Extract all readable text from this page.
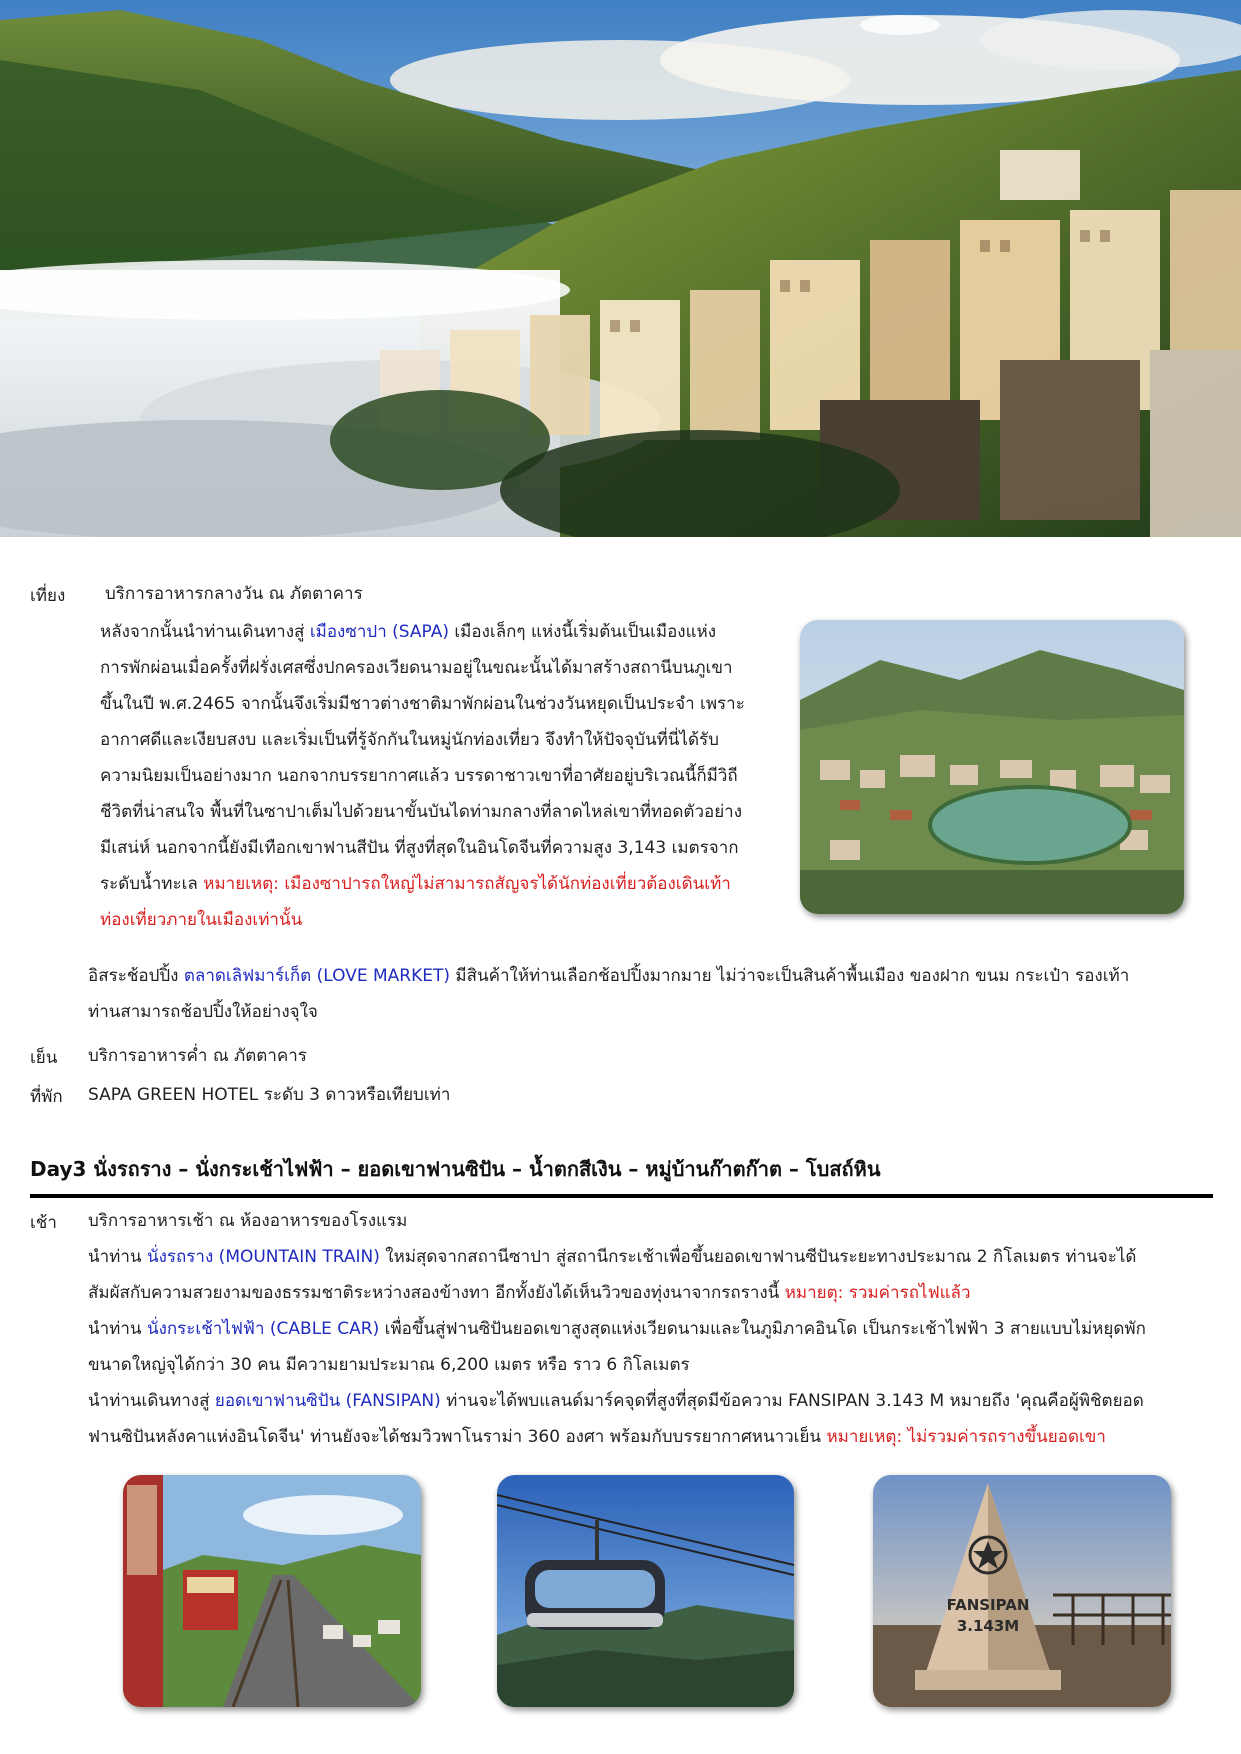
เที่ยง บริการอาหารกลางวัน ณ ภัตตาคาร
หลังจากนั้นนำท่านเดินทางสู่ เมืองซาปา (SAPA) เมืองเล็กๆ แห่งนี้เริ่มต้นเป็นเมืองแห่ง
การพักผ่อนเมื่อครั้งที่ฝรั่งเศสซึ่งปกครองเวียดนามอยู่ในขณะนั้นได้มาสร้างสถานีบนภูเขา
ขึ้นในปี พ.ศ.2465 จากนั้นจึงเริ่มมีชาวต่างชาติมาพักผ่อนในช่วงวันหยุดเป็นประจำ เพราะ
อากาศดีและเงียบสงบ และเริ่มเป็นที่รู้จักกันในหมู่นักท่องเที่ยว จึงทำให้ปัจจุบันที่นี่ได้รับ
ความนิยมเป็นอย่างมาก นอกจากบรรยากาศแล้ว บรรดาชาวเขาที่อาศัยอยู่บริเวณนี้ก็มีวิถี
ชีวิตที่น่าสนใจ พื้นที่ในซาปาเต็มไปด้วยนาขั้นบันไดท่ามกลางที่ลาดไหล่เขาที่ทอดตัวอย่าง
มีเสน่ห์ นอกจากนี้ยังมีเทือกเขาฟานสีปัน ที่สูงที่สุดในอินโดจีนที่ความสูง 3,143 เมตรจาก
ระดับน้ำทะเล หมายเหตุ: เมืองซาปารถใหญ่ไม่สามารถสัญจรได้นักท่องเที่ยวต้องเดินเท้า
ท่องเที่ยวภายในเมืองเท่านั้น
อิสระช้อปปิ้ง ตลาดเลิฟมาร์เก็ต (LOVE MARKET) มีสินค้าให้ท่านเลือกช้อปปิ้งมากมาย ไม่ว่าจะเป็นสินค้าพื้นเมือง ของฝาก ขนม กระเป๋า รองเท้า
ท่านสามารถช้อปปิ้งให้อย่างจุใจ
เย็น บริการอาหารค่ำ ณ ภัตตาคาร
ที่พัก SAPA GREEN HOTEL ระดับ 3 ดาวหรือเทียบเท่า
Day3 นั่งรถราง – นั่งกระเช้าไฟฟ้า – ยอดเขาฟานซิปัน – น้ำตกสีเงิน – หมู่บ้านก๊าตก๊าต – โบสถ์หิน
เช้า บริการอาหารเช้า ณ ห้องอาหารของโรงแรม
นำท่าน นั่งรถราง (MOUNTAIN TRAIN) ใหม่สุดจากสถานีซาปา สู่สถานีกระเช้าเพื่อขึ้นยอดเขาฟานซีปันระยะทางประมาณ 2 กิโลเมตร ท่านจะได้
สัมผัสกับความสวยงามของธรรมชาติระหว่างสองข้างทา อีกทั้งยังได้เห็นวิวของทุ่งนาจากรถรางนี้ หมายตุ: รวมค่ารถไฟแล้ว
นำท่าน นั่งกระเช้าไฟฟ้า (CABLE CAR) เพื่อขึ้นสู่ฟานซิปันยอดเขาสูงสุดแห่งเวียดนามและในภูมิภาคอินโด เป็นกระเช้าไฟฟ้า 3 สายแบบไม่หยุดพัก
ขนาดใหญ่จุได้กว่า 30 คน มีความยามประมาณ 6,200 เมตร หรือ ราว 6 กิโลเมตร
นำท่านเดินทางสู่ ยอดเขาฟานซิปัน (FANSIPAN) ท่านจะได้พบแลนด์มาร์คจุดที่สูงที่สุดมีข้อความ FANSIPAN 3.143 M หมายถึง 'คุณคือผู้พิชิตยอด
ฟานซิปันหลังคาแห่งอินโดจีน' ท่านยังจะได้ชมวิวพาโนราม่า 360 องศา พร้อมกับบรรยากาศหนาวเย็น หมายเหตุ: ไม่รวมค่ารถรางขึ้นยอดเขา
FANSIPAN
3.143M
